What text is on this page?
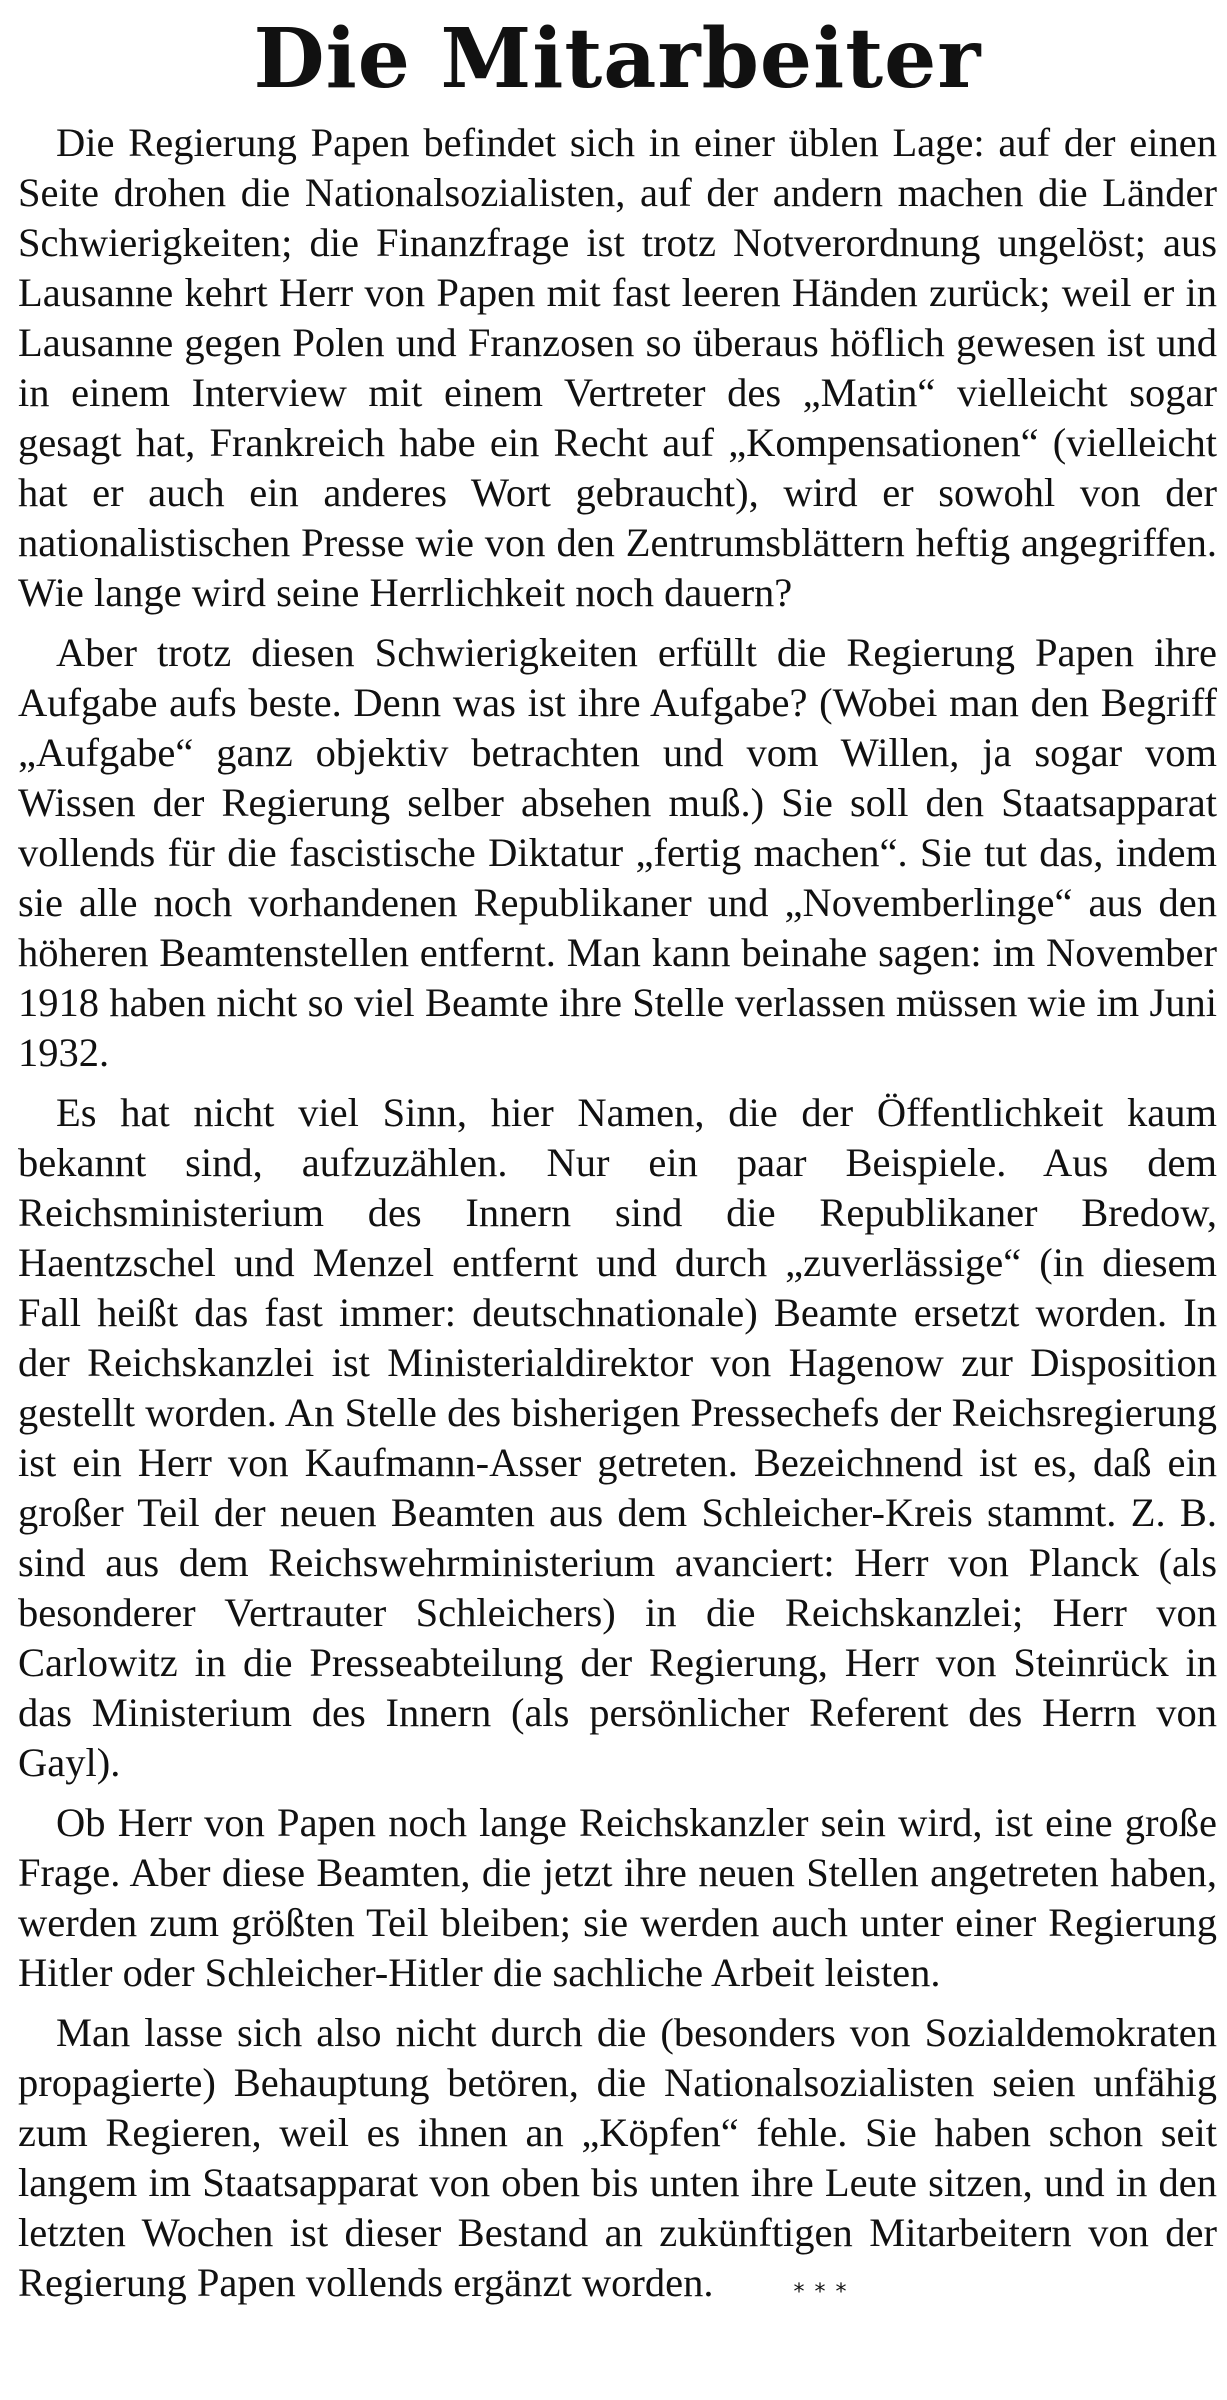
Die Mitarbeiter

Die Regierung Papen befindet sich in einer üblen Lage: auf der einen Seite drohen die Nationalsozialisten, auf der andern machen die Länder Schwierigkeiten; die Finanzfrage ist trotz Notverordnung ungelöst; aus Lausanne kehrt Herr von Papen mit fast leeren Händen zurück; weil er in Lausanne gegen Polen und Franzosen so überaus höflich gewesen ist und in einem Interview mit einem Vertreter des „Matin“ vielleicht sogar gesagt hat, Frankreich habe ein Recht auf „Kompensationen“ (vielleicht hat er auch ein anderes Wort gebraucht), wird er sowohl von der nationalistischen Presse wie von den Zentrumsblättern heftig angegriffen. Wie lange wird seine Herrlichkeit noch dauern?

Aber trotz diesen Schwierigkeiten erfüllt die Regierung Papen ihre Aufgabe aufs beste. Denn was ist ihre Aufgabe? (Wobei man den Begriff „Aufgabe“ ganz objektiv betrachten und vom Willen, ja sogar vom Wissen der Regierung selber absehen muß.) Sie soll den Staatsapparat vollends für die fascistische Diktatur „fertig machen“. Sie tut das, indem sie alle noch vorhandenen Republikaner und „Novemberlinge“ aus den höheren Beamtenstellen entfernt. Man kann beinahe sagen: im November 1918 haben nicht so viel Beamte ihre Stelle verlassen müssen wie im Juni 1932.

Es hat nicht viel Sinn, hier Namen, die der Öffentlichkeit kaum bekannt sind, aufzuzählen. Nur ein paar Beispiele. Aus dem Reichsministerium des Innern sind die Republikaner Bredow, Haentzschel und Menzel entfernt und durch „zuverlässige“ (in diesem Fall heißt das fast immer: deutschnationale) Beamte ersetzt worden. In der Reichskanzlei ist Ministerialdirektor von Hagenow zur Disposition gestellt worden. An Stelle des bisherigen Pressechefs der Reichsregierung ist ein Herr von Kaufmann-Asser getreten. Bezeichnend ist es, daß ein großer Teil der neuen Beamten aus dem Schleicher-Kreis stammt. Z. B. sind aus dem Reichswehrministerium avanciert: Herr von Planck (als besonderer Vertrauter Schleichers) in die Reichskanzlei; Herr von Carlowitz in die Presseabteilung der Regierung, Herr von Steinrück in das Ministerium des Innern (als persönlicher Referent des Herrn von Gayl).

Ob Herr von Papen noch lange Reichskanzler sein wird, ist eine große Frage. Aber diese Beamten, die jetzt ihre neuen Stellen angetreten haben, werden zum größten Teil bleiben; sie werden auch unter einer Regierung Hitler oder Schleicher-Hitler die sachliche Arbeit leisten.

Man lasse sich also nicht durch die (besonders von Sozialdemokraten propagierte) Behauptung betören, die Nationalsozialisten seien unfähig zum Regieren, weil es ihnen an „Köpfen“ fehle. Sie haben schon seit langem im Staatsapparat von oben bis unten ihre Leute sitzen, und in den letzten Wochen ist dieser Bestand an zukünftigen Mitarbeitern von der Regierung Papen vollends ergänzt worden.	***
